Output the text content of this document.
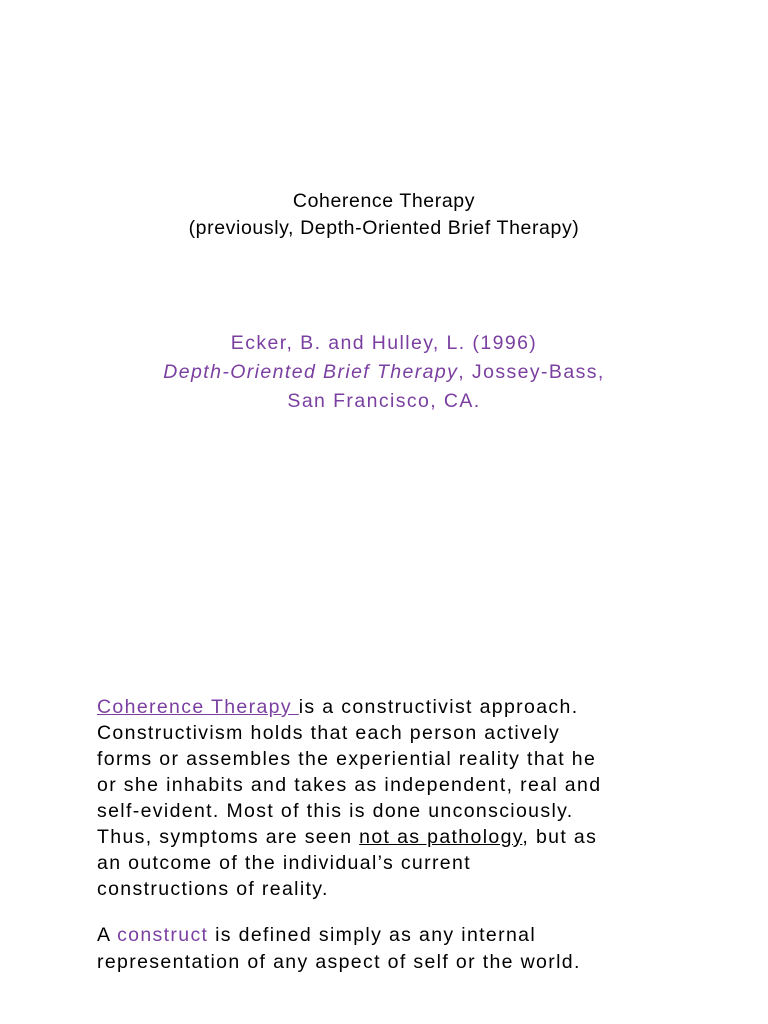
Coherence Therapy
(previously, Depth-Oriented Brief Therapy)
Ecker, B. and Hulley, L. (1996)
Depth-Oriented Brief Therapy, Jossey-Bass,
San Francisco, CA.
Coherence Therapy is a constructivist approach.
Constructivism holds that each person actively
forms or assembles the experiential reality that he
or she inhabits and takes as independent, real and
self-evident. Most of this is done unconsciously.
Thus, symptoms are seen not as pathology, but as
an outcome of the individual’s current
constructions of reality.
A construct is defined simply as any internal
representation of any aspect of self or the world.
